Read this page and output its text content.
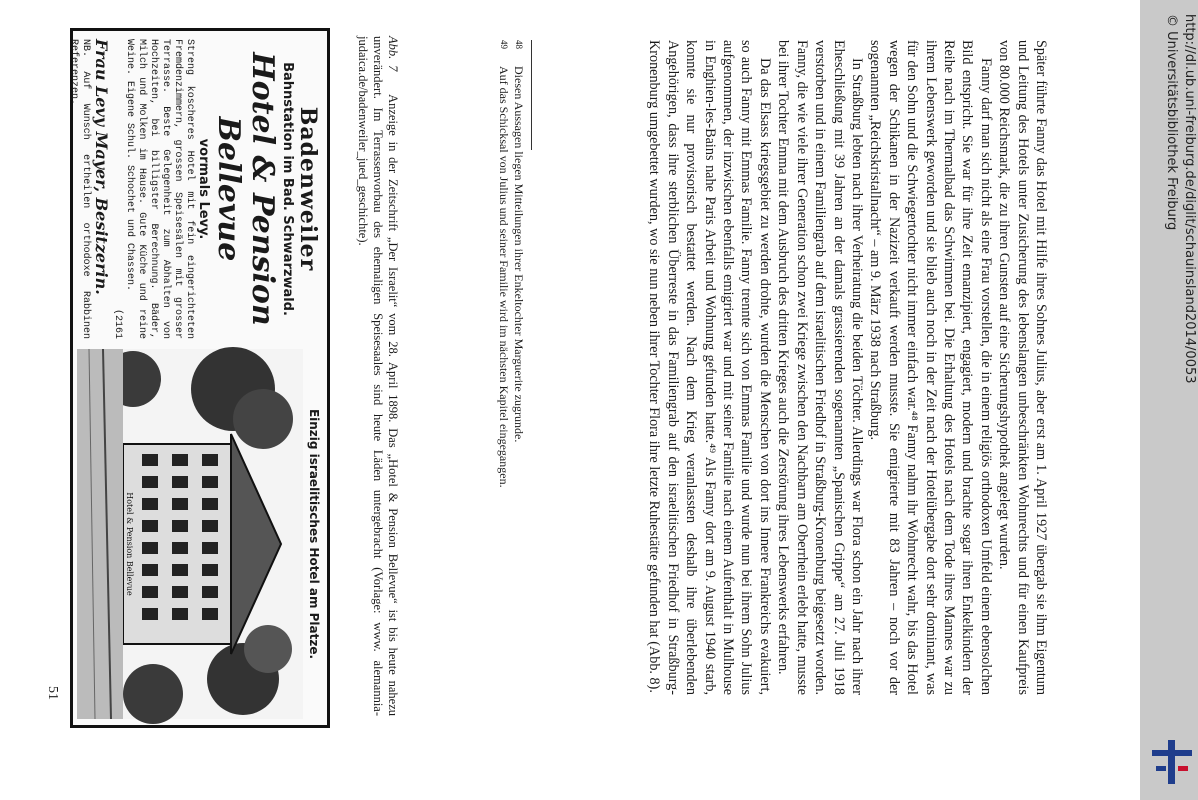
Badenweiler
Bahnstation im Bad. Schwarzwald.
Hotel & Pension Bellevue
vormals Levy.
Streng koscheres Hotel mit fein eingerichteten Fremdenzimmern, grossen Speisesälen mit grosser Terrasse. Beste Gelegenheit zum Abhalten von Hochzeiten, bei billigster Berechnung. Bäder, Milch und Molken im Hause. Gute Küche und reine Weine. Eigene Schul. Schochet und Chassen.
(2161
Frau Levy Mayer, Besitzerin.
NB. Auf Wunsch ertheilen orthodoxe Rabbinen Referenzen.
Einzig israelitisches Hotel am Platze.
Hotel & Pension Bellevue
Abb. 7    Anzeige in der Zeitschrift „Der Israelit“ vom 28. April 1898. Das „Hotel & Pension Bellevue“ ist bis heute nahezu unverändert. Im Terrassenvorbau des ehemaligen Speisesaales sind heute Läden untergebracht (Vorlage: www. alemannia-judaica.de/badenweiler_jued_geschichte).	Später führte Fanny das Hotel mit Hilfe ihres Sohnes Julius, aber erst am 1. April 1927 übergab sie ihm Eigentum und Leitung des Hotels unter Zusicherung des lebenslangen unbeschränkten Wohnrechts und für einen Kaufpreis von 80.000 Reichsmark, die zu ihren Gunsten auf eine Sicherungshypothek angelegt wurden.

Fanny darf man sich nicht als eine Frau vorstellen, die in einem religiös orthodoxen Umfeld einem ebensolchen Bild entspricht. Sie war für ihre Zeit emanzipiert, engagiert, modern und brachte sogar ihren Enkelkindern der Reihe nach im Thermalbad das Schwimmen bei. Die Erhaltung des Hotels nach dem Tode ihres Mannes war zu ihrem Lebenswerk geworden und sie blieb auch noch in der Zeit nach der Hotelübergabe dort sehr dominant, was für den Sohn und die Schwiegertochter nicht immer einfach war.⁴⁸ Fanny nahm ihr Wohnrecht wahr, bis das Hotel wegen der Schikanen in der Nazizeit verkauft werden musste. Sie emigrierte mit 83 Jahren – noch vor der sogenannten „Reichskristallnacht“ – am 9. März 1938 nach Straßburg.

In Straßburg lebten nach ihrer Verheiratung die beiden Töchter. Allerdings war Flora schon ein Jahr nach ihrer Eheschließung mit 39 Jahren an der damals grassierenden sogenannten „Spanischen Grippe“ am 27. Juli 1918 verstorben und in einem Familiengrab auf dem israelitischen Friedhof in Straßburg-Kronenburg beigesetzt worden. Fanny, die wie viele ihrer Generation schon zwei Kriege zwischen den Nachbarn am Oberrhein erlebt hatte, musste bei ihrer Tochter Emma mit dem Ausbruch des dritten Krieges auch die Zerstörung ihres Lebenswerks erfahren.

Da das Elsass kriegsgebiet zu werden drohte, wurden die Menschen von dort ins Innere Frankreichs evakuiert, so auch Fanny mit Emmas Familie. Fanny trennte sich von Emmas Familie und wurde nun bei ihrem Sohn Julius aufgenommen, der inzwischen ebenfalls emigriert war und mit seiner Familie nach einem Aufenthalt in Mulhouse in Enghien-les-Bains nahe Paris Arbeit und Wohnung gefunden hatte.⁴⁹ Als Fanny dort am 9. August 1940 starb, konnte sie nur provisorisch bestattet werden. Nach dem Krieg veranlassten deshalb ihre überlebenden Angehörigen, dass ihre sterblichen Überreste in das Familiengrab auf den israelitischen Friedhof in Straßburg-Kronenburg umgebettet wurden, wo sie nun neben ihrer Tochter Flora ihre letzte Ruhestätte gefunden hat (Abb. 8).

48Diesen Aussagen liegen Mitteilungen ihrer Enkeltochter Marguerite zugrunde.
49Auf das Schicksal von Julius und seiner Familie wird im nächsten Kapitel eingegangen.
51
http://dl.ub.uni-freiburg.de/diglit/schauinsland2014/0053
© Universitätsbibliothek Freiburg
